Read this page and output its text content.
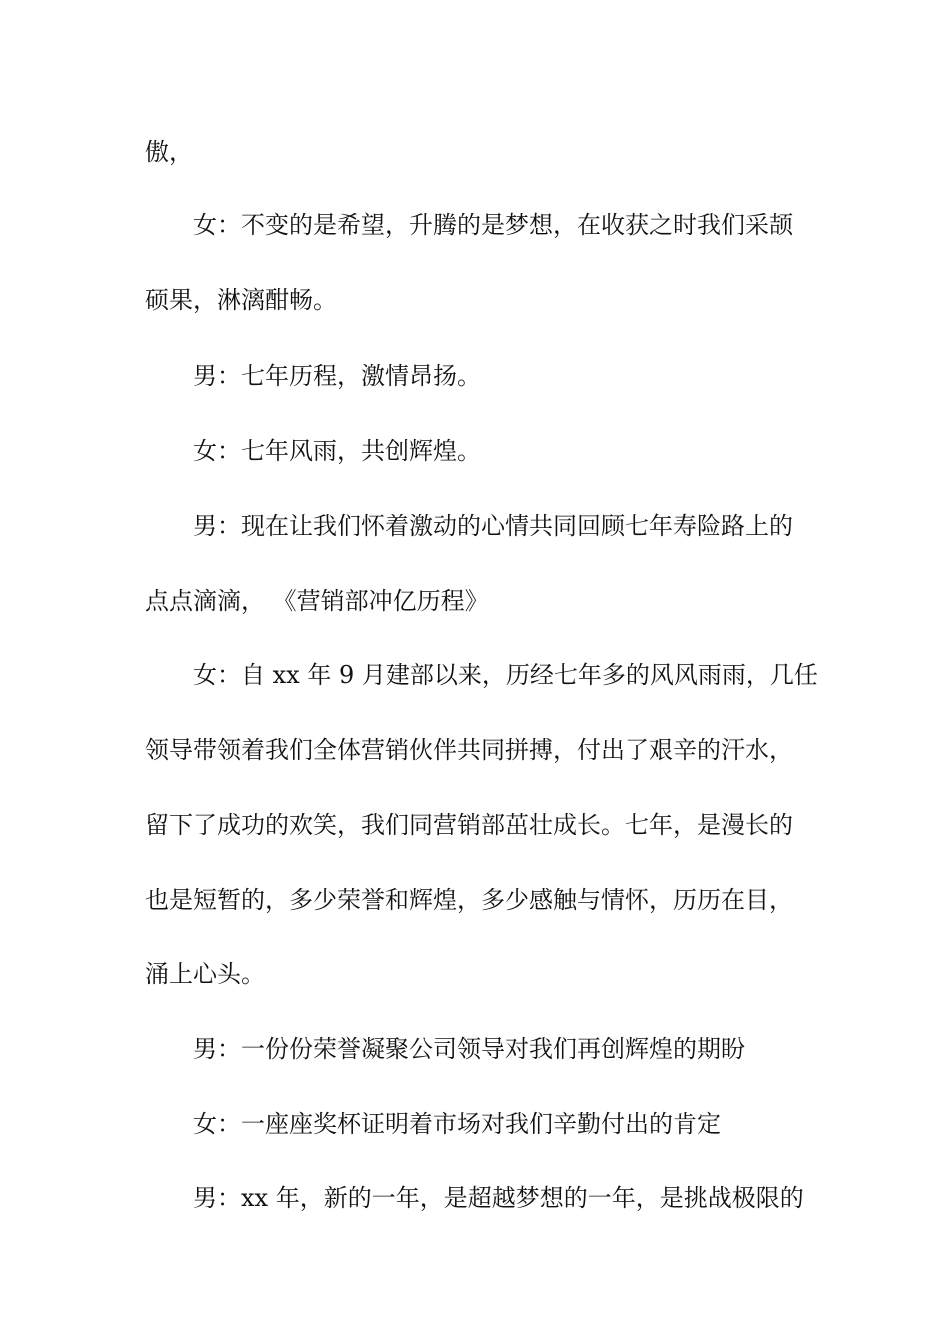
傲，
女：不变的是希望，升腾的是梦想，在收获之时我们采颉
硕果，淋漓酣畅。
男：七年历程，激情昂扬。
女：七年风雨，共创辉煌。
男：现在让我们怀着激动的心情共同回顾七年寿险路上的
点点滴滴， 《营销部冲亿历程》
女：自 xx 年 9 月建部以来，历经七年多的风风雨雨，几任
领导带领着我们全体营销伙伴共同拼搏，付出了艰辛的汗水，
留下了成功的欢笑，我们同营销部茁壮成长。七年，是漫长的
也是短暂的，多少荣誉和辉煌，多少感触与情怀，历历在目，
涌上心头。
男：一份份荣誉凝聚公司领导对我们再创辉煌的期盼
女：一座座奖杯证明着市场对我们辛勤付出的肯定
男：xx 年，新的一年，是超越梦想的一年，是挑战极限的
